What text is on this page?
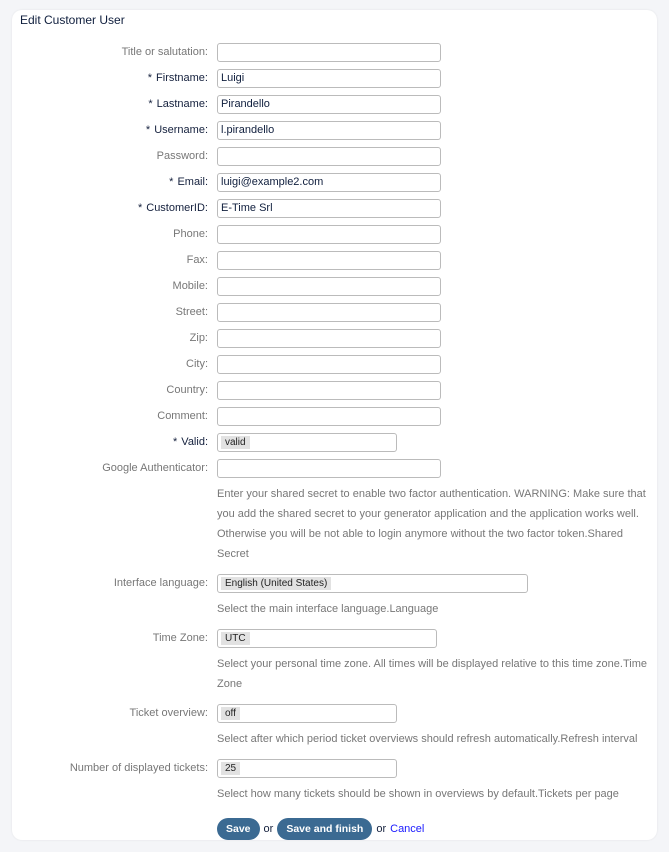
Edit Customer User
Title or salutation:
* Firstname:	Luigi
* Lastname:	Pirandello
* Username:	l.pirandello
Password:
* Email:	luigi@example2.com
* CustomerID:	E-Time Srl
Phone:
Fax:
Mobile:
Street:
Zip:
City:
Country:
Comment:
* Valid:	valid
Google Authenticator:
Enter your shared secret to enable two factor authentication. WARNING: Make sure that you add the shared secret to your generator application and the application works well. Otherwise you will be not able to login anymore without the two factor token.Shared Secret
Interface language:	English (United States)
Select the main interface language.Language
Time Zone:	UTC
Select your personal time zone. All times will be displayed relative to this time zone.Time Zone
Ticket overview:	off
Select after which period ticket overviews should refresh automatically.Refresh interval
Number of displayed tickets:	25
Select how many tickets should be shown in overviews by default.Tickets per page
Save	or	Save and finish	or Cancel
